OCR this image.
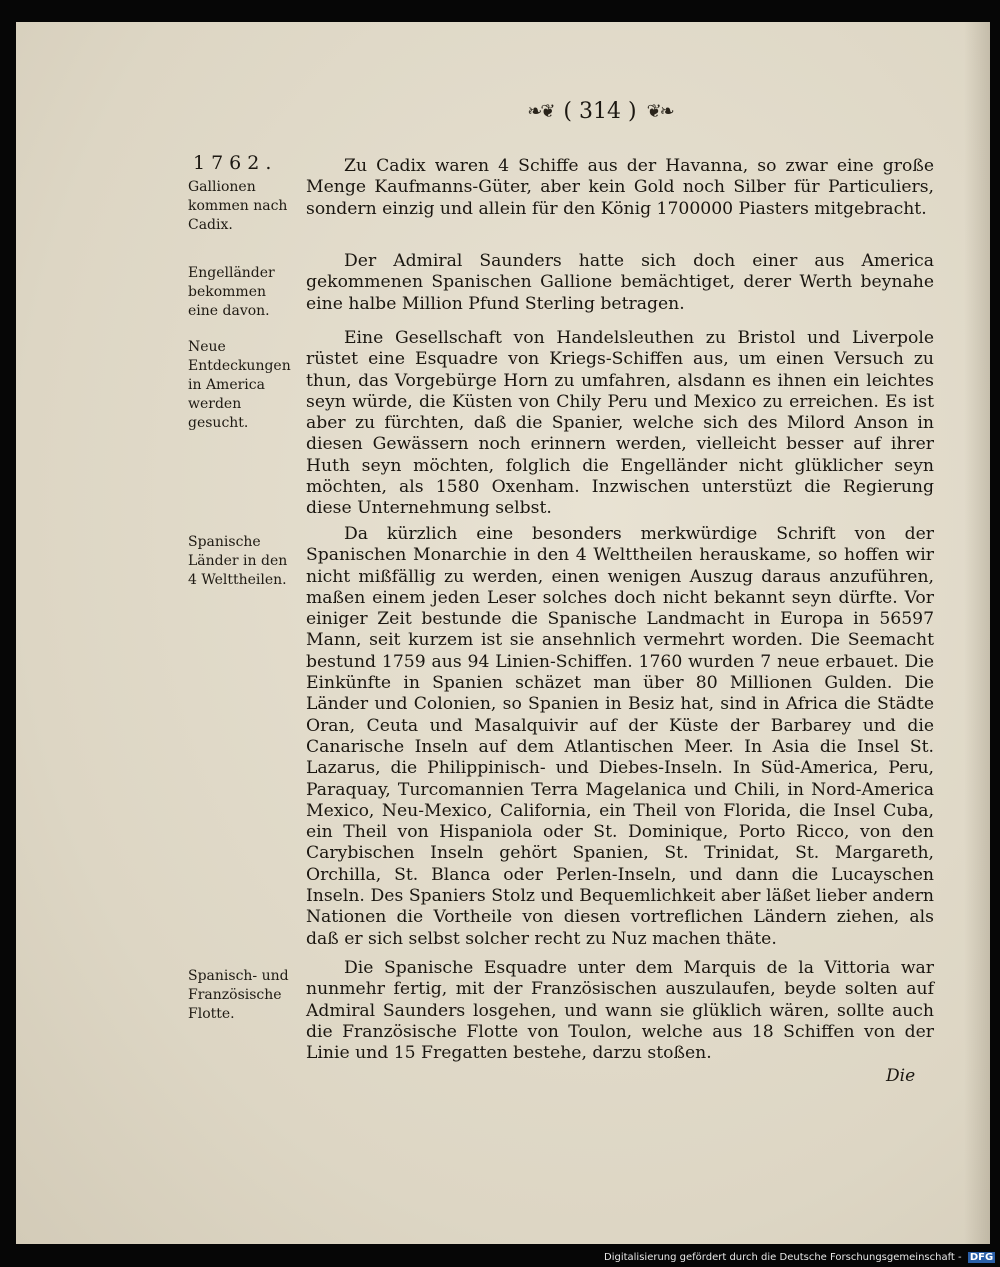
❧❦ ( 314 ) ❦❧
1762.
Gallionen kommen nach Cadix.
Zu Cadix waren 4 Schiffe aus der Havanna, so zwar eine große Menge Kaufmanns-Güter, aber kein Gold noch Silber für Particuliers, sondern einzig und allein für den König 1700000 Piasters mitgebracht.
Engelländer bekommen eine davon.
Der Admiral Saunders hatte sich doch einer aus America gekommenen Spanischen Gallione bemächtiget, derer Werth beynahe eine halbe Million Pfund Sterling betragen.
Neue Entdeckungen in America werden gesucht.
Eine Gesellschaft von Handelsleuthen zu Bristol und Liverpole rüstet eine Esquadre von Kriegs-Schiffen aus, um einen Versuch zu thun, das Vorgebürge Horn zu umfahren, alsdann es ihnen ein leichtes seyn würde, die Küsten von Chily Peru und Mexico zu erreichen. Es ist aber zu fürchten, daß die Spanier, welche sich des Milord Anson in diesen Gewässern noch erinnern werden, vielleicht besser auf ihrer Huth seyn möchten, folglich die Engelländer nicht glüklicher seyn möchten, als 1580 Oxenham. Inzwischen unterstüzt die Regierung diese Unternehmung selbst.
Spanische Länder in den 4 Welttheilen.
Da kürzlich eine besonders merkwürdige Schrift von der Spanischen Monarchie in den 4 Welttheilen herauskame, so hoffen wir nicht mißfällig zu werden, einen wenigen Auszug daraus anzuführen, maßen einem jeden Leser solches doch nicht bekannt seyn dürfte. Vor einiger Zeit bestunde die Spanische Landmacht in Europa in 56597 Mann, seit kurzem ist sie ansehnlich vermehrt worden. Die Seemacht bestund 1759 aus 94 Linien-Schiffen. 1760 wurden 7 neue erbauet. Die Einkünfte in Spanien schäzet man über 80 Millionen Gulden. Die Länder und Colonien, so Spanien in Besiz hat, sind in Africa die Städte Oran, Ceuta und Masalquivir auf der Küste der Barbarey und die Canarische Inseln auf dem Atlantischen Meer. In Asia die Insel St. Lazarus, die Philippinisch- und Diebes-Inseln. In Süd-America, Peru, Paraquay, Turcomannien Terra Magelanica und Chili, in Nord-America Mexico, Neu-Mexico, California, ein Theil von Florida, die Insel Cuba, ein Theil von Hispaniola oder St. Dominique, Porto Ricco, von den Carybischen Inseln gehört Spanien, St. Trinidat, St. Margareth, Orchilla, St. Blanca oder Perlen-Inseln, und dann die Lucayschen Inseln. Des Spaniers Stolz und Bequemlichkeit aber läßet lieber andern Nationen die Vortheile von diesen vortreflichen Ländern ziehen, als daß er sich selbst solcher recht zu Nuz machen thäte.
Spanisch- und Französische Flotte.
Die Spanische Esquadre unter dem Marquis de la Vittoria war nunmehr fertig, mit der Französischen auszulaufen, beyde solten auf Admiral Saunders losgehen, und wann sie glüklich wären, sollte auch die Französische Flotte von Toulon, welche aus 18 Schiffen von der Linie und 15 Fregatten bestehe, darzu stoßen.
Die
Digitalisierung gefördert durch die Deutsche Forschungsgemeinschaft - DFG
